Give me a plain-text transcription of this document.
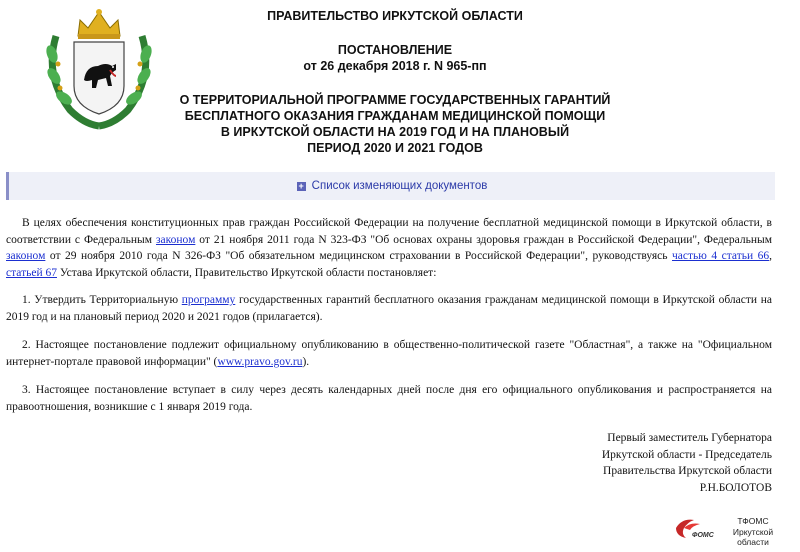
ПРАВИТЕЛЬСТВО ИРКУТСКОЙ ОБЛАСТИ
ПОСТАНОВЛЕНИЕ
от 26 декабря 2018 г. N 965-пп
О ТЕРРИТОРИАЛЬНОЙ ПРОГРАММЕ ГОСУДАРСТВЕННЫХ ГАРАНТИЙ
БЕСПЛАТНОГО ОКАЗАНИЯ ГРАЖДАНАМ МЕДИЦИНСКОЙ ПОМОЩИ
В ИРКУТСКОЙ ОБЛАСТИ НА 2019 ГОД И НА ПЛАНОВЫЙ
ПЕРИОД 2020 И 2021 ГОДОВ
+ Список изменяющих документов
В целях обеспечения конституционных прав граждан Российской Федерации на получение бесплатной медицинской помощи в Иркутской области, в соответствии с Федеральным законом от 21 ноября 2011 года N 323-ФЗ "Об основах охраны здоровья граждан в Российской Федерации", Федеральным законом от 29 ноября 2010 года N 326-ФЗ "Об обязательном медицинском страховании в Российской Федерации", руководствуясь частью 4 статьи 66, статьей 67 Устава Иркутской области, Правительство Иркутской области постановляет:
1. Утвердить Территориальную программу государственных гарантий бесплатного оказания гражданам медицинской помощи в Иркутской области на 2019 год и на плановый период 2020 и 2021 годов (прилагается).
2. Настоящее постановление подлежит официальному опубликованию в общественно-политической газете "Областная", а также на "Официальном интернет-портале правовой информации" (www.pravo.gov.ru).
3. Настоящее постановление вступает в силу через десять календарных дней после дня его официального опубликования и распространяется на правоотношения, возникшие с 1 января 2019 года.
Первый заместитель Губернатора
Иркутской области - Председатель
Правительства Иркутской области
Р.Н.БОЛОТОВ
ФОМС
ТФОМС Иркутской
области
